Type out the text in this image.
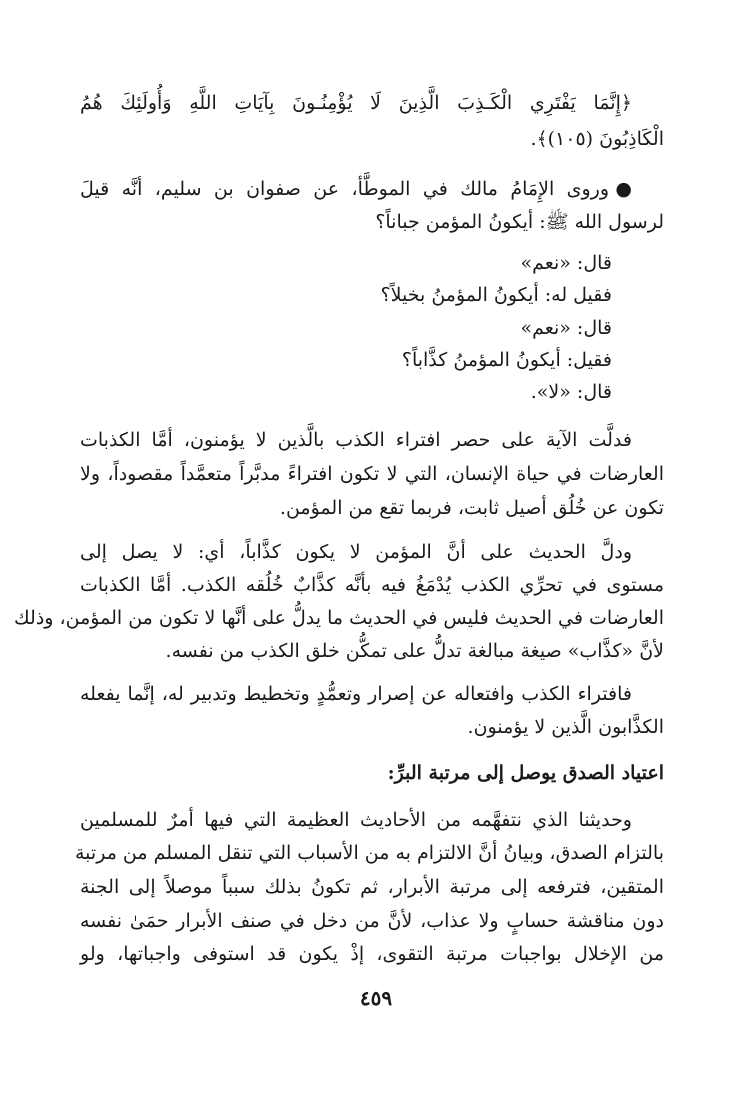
﴿إِنَّمَا يَفْتَرِي الْكَـذِبَ الَّذِينَ لَا يُؤْمِنُـونَ بِآيَاتِ اللَّهِ وَأُولَئِكَ هُمُ
الْكَاذِبُونَ (١٠٥)﴾.
●وروى الإِمَامُ مالك في الموطَّأ، عن صفوان بن سليم، أنَّه قيلَ
لرسول الله ﷺ: أيكونُ المؤمن جباناً؟
قال: «نعم»
فقيل له: أيكونُ المؤمنُ بخيلاً؟
قال: «نعم»
فقيل: أيكونُ المؤمنُ كذَّاباً؟
قال: «لا».
فدلَّت الآية على حصر افتراء الكذب بالَّذين لا يؤمنون، أمَّا الكذبات
العارضات في حياة الإنسان، التي لا تكون افتراءً مدبَّراً متعمَّداً مقصوداً، ولا
تكون عن خُلُق أصيل ثابت، فربما تقع من المؤمن.
ودلَّ الحديث على أنَّ المؤمن لا يكون كذَّاباً، أي: لا يصل إلى
مستوى في تحرِّي الكذب يُدْمَغُ فيه بأنَّه كذَّابٌ خُلُقه الكذب. أمَّا الكذبات
العارضات في الحديث فليس في الحديث ما يدلُّ على أنَّها لا تكون من المؤمن، وذلك
لأنَّ «كذَّاب» صيغة مبالغة تدلُّ على تمكُّن خلق الكذب من نفسه.
فافتراء الكذب وافتعاله عن إصرار وتعمُّدٍ وتخطيط وتدبير له، إنَّما يفعله
الكذَّابون الَّذين لا يؤمنون.
اعتياد الصدق يوصل إلى مرتبة البرِّ:
وحديثنا الذي نتفهَّمه من الأحاديث العظيمة التي فيها أمرٌ للمسلمين
بالتزام الصدق، وبيانُ أنَّ الالتزام به من الأسباب التي تنقل المسلم من مرتبة
المتقين، فترفعه إلى مرتبة الأبرار، ثم تكونُ بذلك سبباً موصلاً إلى الجنة
دون مناقشة حسابٍ ولا عذاب، لأنَّ من دخل في صنف الأبرار حمَىٰ نفسه
من الإخلال بواجبات مرتبة التقوى، إذْ يكون قد استوفى واجباتها، ولو
٤٥٩
